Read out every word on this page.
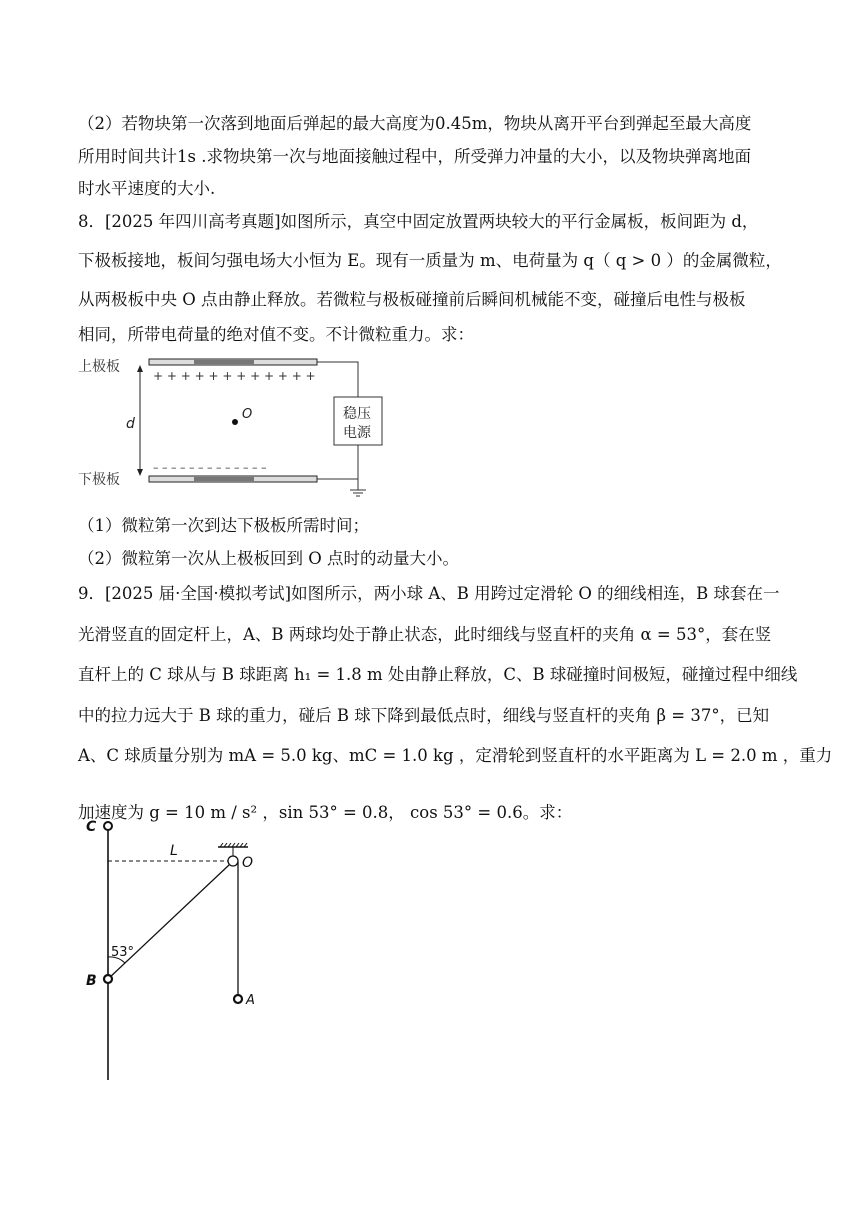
（2）若物块第一次落到地面后弹起的最大高度为0.45m，物块从离开平台到弹起至最大高度
所用时间共计1s .求物块第一次与地面接触过程中，所受弹力冲量的大小，以及物块弹离地面
时水平速度的大小.
8．[2025 年四川高考真题]如图所示，真空中固定放置两块较大的平行金属板，板间距为 d，
下极板接地，板间匀强电场大小恒为 E。现有一质量为 m、电荷量为 q（ q > 0 ）的金属微粒，
从两极板中央 O 点由静止释放。若微粒与极板碰撞前后瞬间机械能不变，碰撞后电性与极板
相同，所带电荷量的绝对值不变。不计微粒重力。求：
上极板
下极板
+ + + + + + + + + + + +
– – – – – – – – – – – – –
d
O	稳压
电源
（1）微粒第一次到达下极板所需时间；
（2）微粒第一次从上极板回到 O 点时的动量大小。
9．[2025 届·全国·模拟考试]如图所示，两小球 A、B 用跨过定滑轮 O 的细线相连，B 球套在一
光滑竖直的固定杆上，A、B 两球均处于静止状态，此时细线与竖直杆的夹角 α = 53°，套在竖
直杆上的 C 球从与 B 球距离 h₁ = 1.8 m 处由静止释放，C、B 球碰撞时间极短，碰撞过程中细线
中的拉力远大于 B 球的重力，碰后 B 球下降到最低点时，细线与竖直杆的夹角 β = 37°，已知
A、C 球质量分别为 mA = 5.0 kg、mC = 1.0 kg ，定滑轮到竖直杆的水平距离为 L = 2.0 m ，重力
加速度为 g = 10 m / s² ，sin 53° = 0.8， cos 53° = 0.6。求：
C
O
L
53°
B
A
